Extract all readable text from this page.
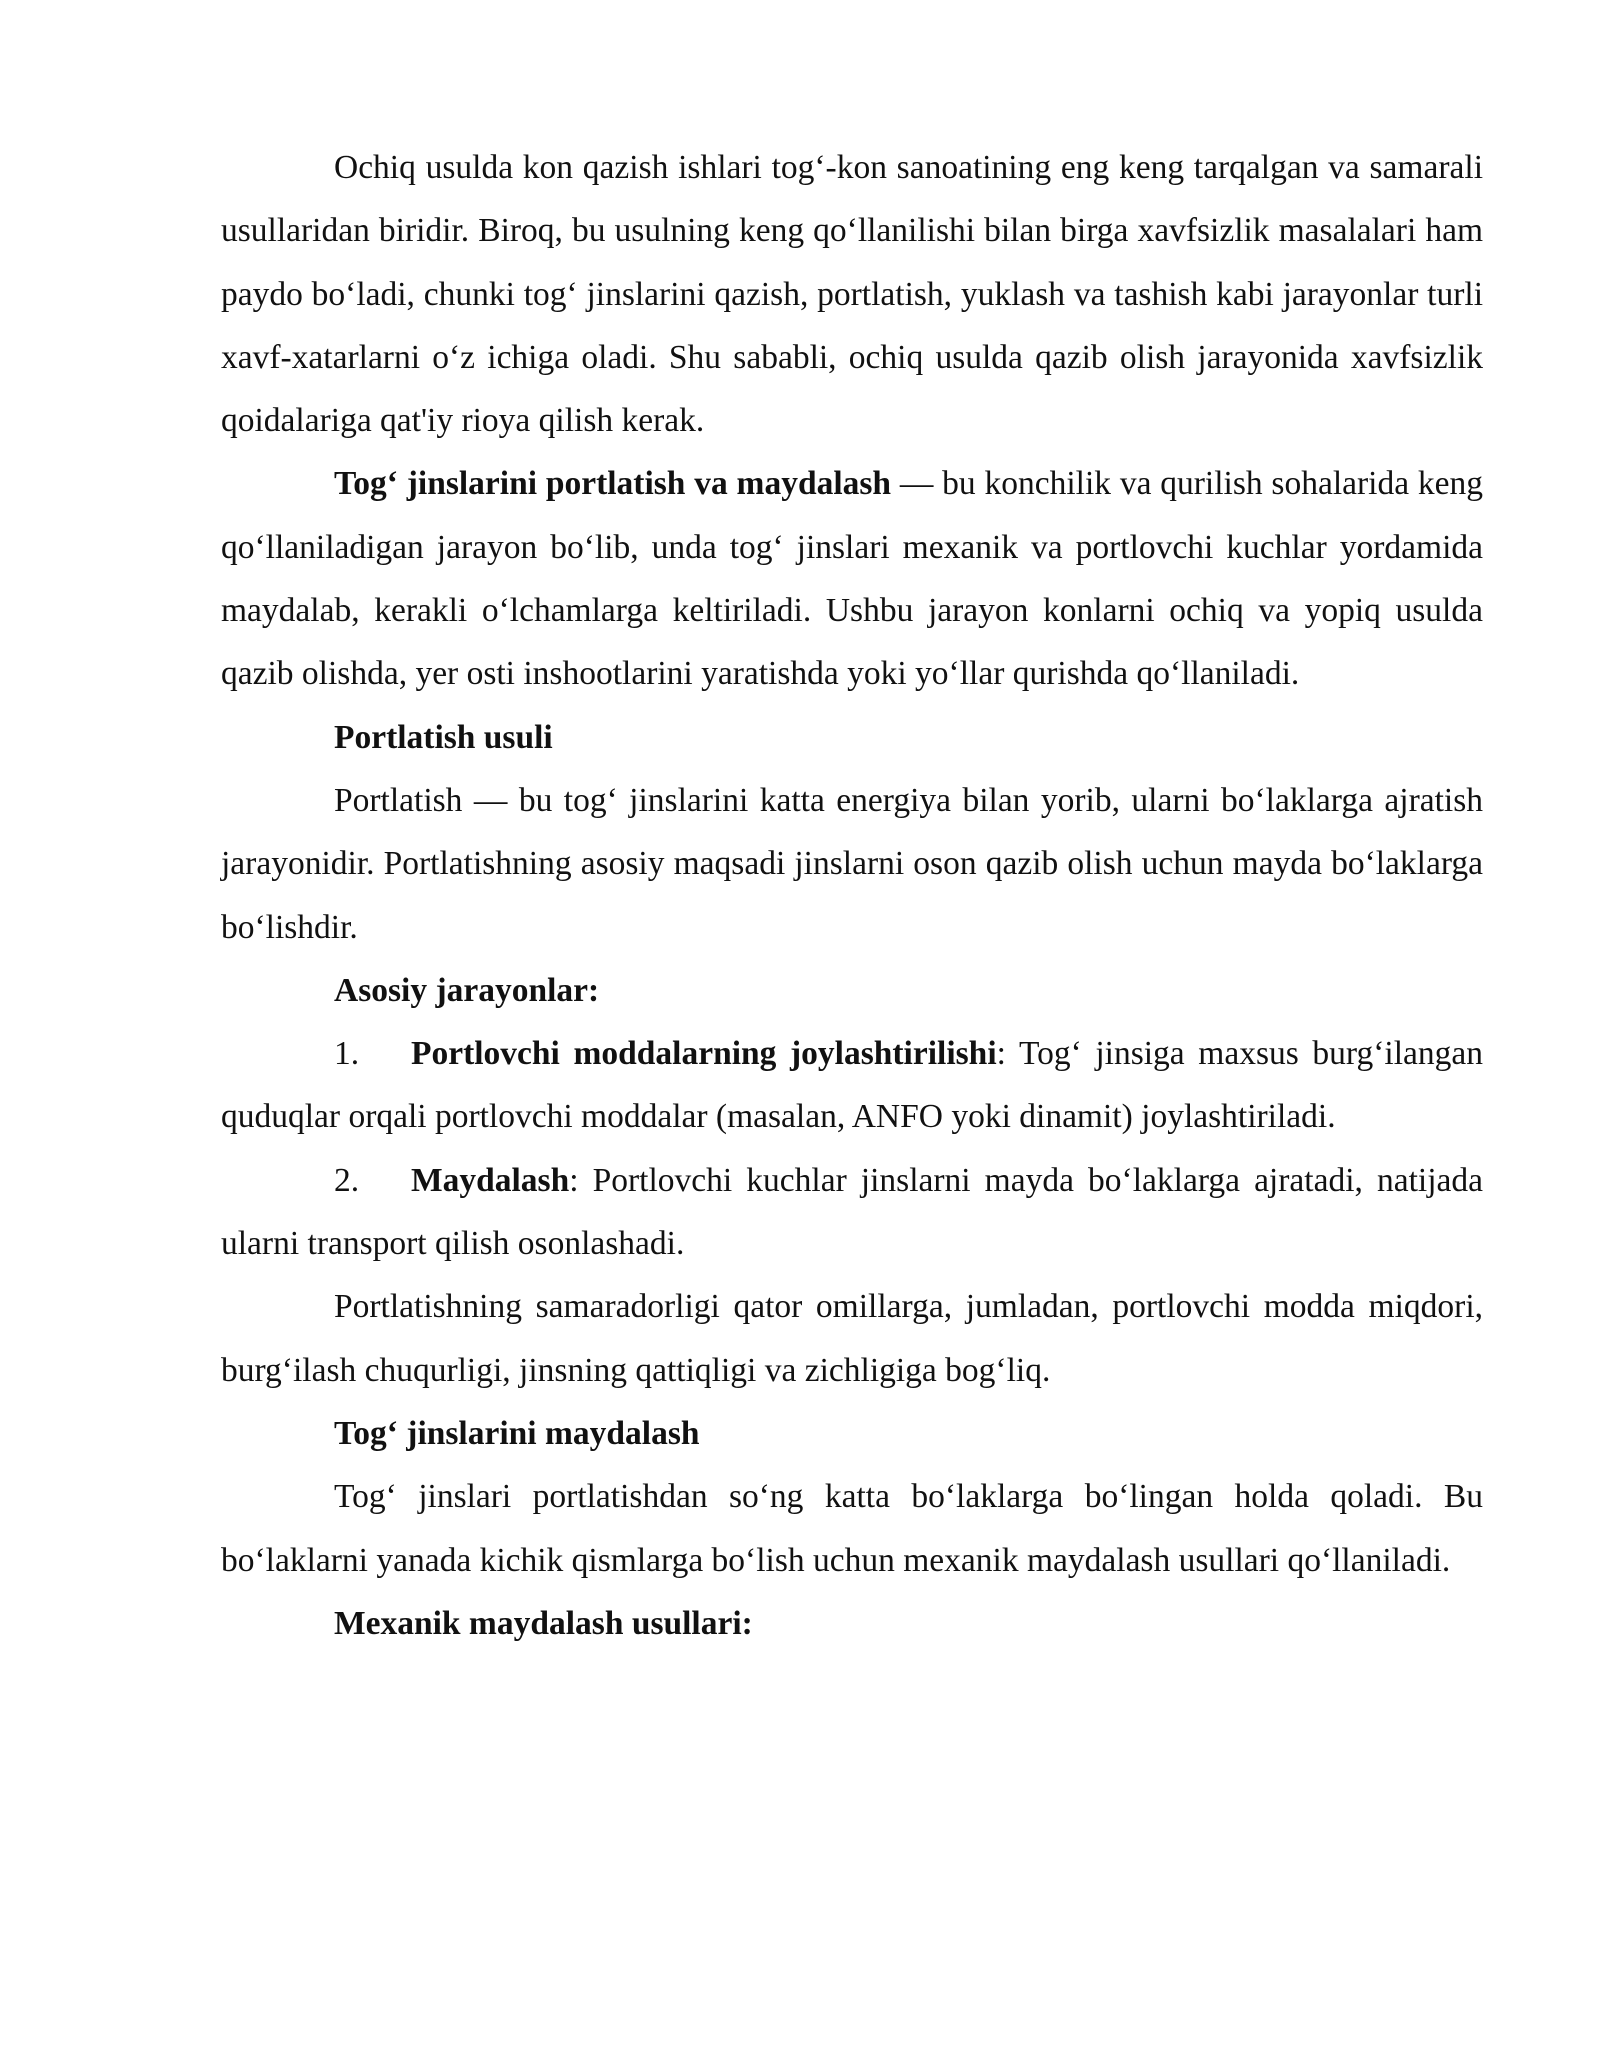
Ochiq usulda kon qazish ishlari tog‘-kon sanoatining eng keng tarqalgan va samarali usullaridan biridir. Biroq, bu usulning keng qo‘llanilishi bilan birga xavfsizlik masalalari ham paydo bo‘ladi, chunki tog‘ jinslarini qazish, portlatish, yuklash va tashish kabi jarayonlar turli xavf-xatarlarni o‘z ichiga oladi. Shu sababli, ochiq usulda qazib olish jarayonida xavfsizlik qoidalariga qat'iy rioya qilish kerak.

Tog‘ jinslarini portlatish va maydalash — bu konchilik va qurilish sohalarida keng qo‘llaniladigan jarayon bo‘lib, unda tog‘ jinslari mexanik va portlovchi kuchlar yordamida maydalab, kerakli o‘lchamlarga keltiriladi. Ushbu jarayon konlarni ochiq va yopiq usulda qazib olishda, yer osti inshootlarini yaratishda yoki yo‘llar qurishda qo‘llaniladi.

Portlatish usuli

Portlatish — bu tog‘ jinslarini katta energiya bilan yorib, ularni bo‘laklarga ajratish jarayonidir. Portlatishning asosiy maqsadi jinslarni oson qazib olish uchun mayda bo‘laklarga bo‘lishdir.

Asosiy jarayonlar:

1. Portlovchi moddalarning joylashtirilishi: Tog‘ jinsiga maxsus burg‘ilangan quduqlar orqali portlovchi moddalar (masalan, ANFO yoki dinamit) joylashtiriladi.

2. Maydalash: Portlovchi kuchlar jinslarni mayda bo‘laklarga ajratadi, natijada ularni transport qilish osonlashadi.

Portlatishning samaradorligi qator omillarga, jumladan, portlovchi modda miqdori, burg‘ilash chuqurligi, jinsning qattiqligi va zichligiga bog‘liq.

Tog‘ jinslarini maydalash

Tog‘ jinslari portlatishdan so‘ng katta bo‘laklarga bo‘lingan holda qoladi. Bu bo‘laklarni yanada kichik qismlarga bo‘lish uchun mexanik maydalash usullari qo‘llaniladi.

Mexanik maydalash usullari:
